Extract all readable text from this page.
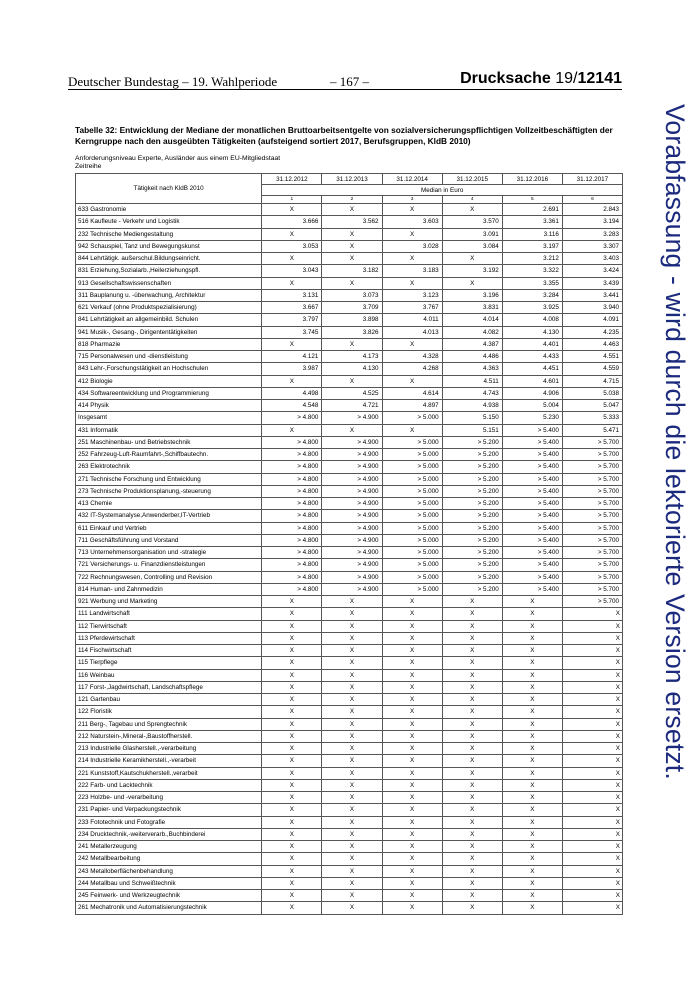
Deutscher Bundestag – 19. Wahlperiode	– 167 –	Drucksache 19/12141
Tabelle 32: Entwicklung der Mediane der monatlichen Bruttoarbeitsentgelte von sozialversicherungspflichtigen Vollzeitbeschäftigten der Kerngruppe nach den ausgeübten Tätigkeiten (aufsteigend sortiert 2017, Berufsgruppen, KldB 2010)
Anforderungsniveau Experte, Ausländer aus einem EU-Mitgliedstaat
Zeitreihe
Tätigkeit nach KldB 2010	31.12.2012	31.12.2013	31.12.2014	31.12.2015	31.12.2016	31.12.2017
	Median in Euro					
	1	2	3	4	5	6
633 Gastronomie	X	X	X	X	2.691	2.843
516 Kaufleute - Verkehr und Logistik	3.666	3.562	3.603	3.570	3.361	3.194
232 Technische Mediengestaltung	X	X	X	3.091	3.116	3.283
942 Schauspiel, Tanz und Bewegungskunst	3.053	X	3.028	3.084	3.197	3.307
844 Lehrtätigk. außerschul.Bildungseinricht.	X	X	X	X	3.212	3.403
831 Erziehung,Sozialarb.,Heilerziehungspfl.	3.043	3.182	3.183	3.192	3.322	3.424
913 Gesellschaftswissenschaften	X	X	X	X	3.355	3.439
311 Bauplanung u. -überwachung, Architektur	3.131	3.073	3.123	3.196	3.284	3.441
621 Verkauf (ohne Produktspezialisierung)	3.667	3.709	3.767	3.831	3.925	3.940
841 Lehrtätigkeit an allgemeinbild. Schulen	3.797	3.898	4.011	4.014	4.008	4.091
941 Musik-, Gesang-, Dirigententätigkeiten	3.745	3.826	4.013	4.082	4.130	4.235
818 Pharmazie	X	X	X	4.387	4.401	4.463
715 Personalwesen und -dienstleistung	4.121	4.173	4.328	4.486	4.433	4.551
843 Lehr-,Forschungstätigkeit an Hochschulen	3.987	4.130	4.268	4.363	4.451	4.559
412 Biologie	X	X	X	4.511	4.601	4.715
434 Softwareentwicklung und Programmierung	4.498	4.525	4.614	4.743	4.906	5.038
414 Physik	4.548	4.721	4.897	4.938	5.004	5.047
Insgesamt	> 4.800	> 4.900	> 5.000	5.150	5.230	5.333
431 Informatik	X	X	X	5.151	> 5.400	5.471
251 Maschinenbau- und Betriebstechnik	> 4.800	> 4.900	> 5.000	> 5.200	> 5.400	> 5.700
252 Fahrzeug-Luft-Raumfahrt-,Schiffbautechn.	> 4.800	> 4.900	> 5.000	> 5.200	> 5.400	> 5.700
263 Elektrotechnik	> 4.800	> 4.900	> 5.000	> 5.200	> 5.400	> 5.700
271 Technische Forschung und Entwicklung	> 4.800	> 4.900	> 5.000	> 5.200	> 5.400	> 5.700
273 Technische Produktionsplanung,-steuerung	> 4.800	> 4.900	> 5.000	> 5.200	> 5.400	> 5.700
413 Chemie	> 4.800	> 4.900	> 5.000	> 5.200	> 5.400	> 5.700
432 IT-Systemanalyse,Anwenderber,IT-Vertrieb	> 4.800	> 4.900	> 5.000	> 5.200	> 5.400	> 5.700
611 Einkauf und Vertrieb	> 4.800	> 4.900	> 5.000	> 5.200	> 5.400	> 5.700
711 Geschäftsführung und Vorstand	> 4.800	> 4.900	> 5.000	> 5.200	> 5.400	> 5.700
713 Unternehmensorganisation und -strategie	> 4.800	> 4.900	> 5.000	> 5.200	> 5.400	> 5.700
721 Versicherungs- u. Finanzdienstleistungen	> 4.800	> 4.900	> 5.000	> 5.200	> 5.400	> 5.700
722 Rechnungswesen, Controlling und Revision	> 4.800	> 4.900	> 5.000	> 5.200	> 5.400	> 5.700
814 Human- und Zahnmedizin	> 4.800	> 4.900	> 5.000	> 5.200	> 5.400	> 5.700
921 Werbung und Marketing	X	X	X	X	X	> 5.700
111 Landwirtschaft	X	X	X	X	X	X
112 Tierwirtschaft	X	X	X	X	X	X
113 Pferdewirtschaft	X	X	X	X	X	X
114 Fischwirtschaft	X	X	X	X	X	X
115 Tierpflege	X	X	X	X	X	X
116 Weinbau	X	X	X	X	X	X
117 Forst-,Jagdwirtschaft, Landschaftspflege	X	X	X	X	X	X
121 Gartenbau	X	X	X	X	X	X
122 Floristik	X	X	X	X	X	X
211 Berg-, Tagebau und Sprengtechnik	X	X	X	X	X	X
212 Naturstein-,Mineral-,Baustoffherstell.	X	X	X	X	X	X
213 Industrielle Glasherstell.,-verarbeitung	X	X	X	X	X	X
214 Industrielle Keramikherstell.,-verarbeit	X	X	X	X	X	X
221 Kunststoff,Kautschukherstell.,verarbeit	X	X	X	X	X	X
222 Farb- und Lacktechnik	X	X	X	X	X	X
223 Holzbe- und -verarbeitung	X	X	X	X	X	X
231 Papier- und Verpackungstechnik	X	X	X	X	X	X
233 Fototechnik und Fotografie	X	X	X	X	X	X
234 Drucktechnik,-weiterverarb.,Buchbinderei	X	X	X	X	X	X
241 Metallerzeugung	X	X	X	X	X	X
242 Metallbearbeitung	X	X	X	X	X	X
243 Metalloberflächenbehandlung	X	X	X	X	X	X
244 Metallbau und Schweißtechnik	X	X	X	X	X	X
245 Feinwerk- und Werkzeugtechnik	X	X	X	X	X	X
261 Mechatronik und Automatisierungstechnik	X	X	X	X	X	X
Vorabfassung - wird durch die lektorierte Version ersetzt.
